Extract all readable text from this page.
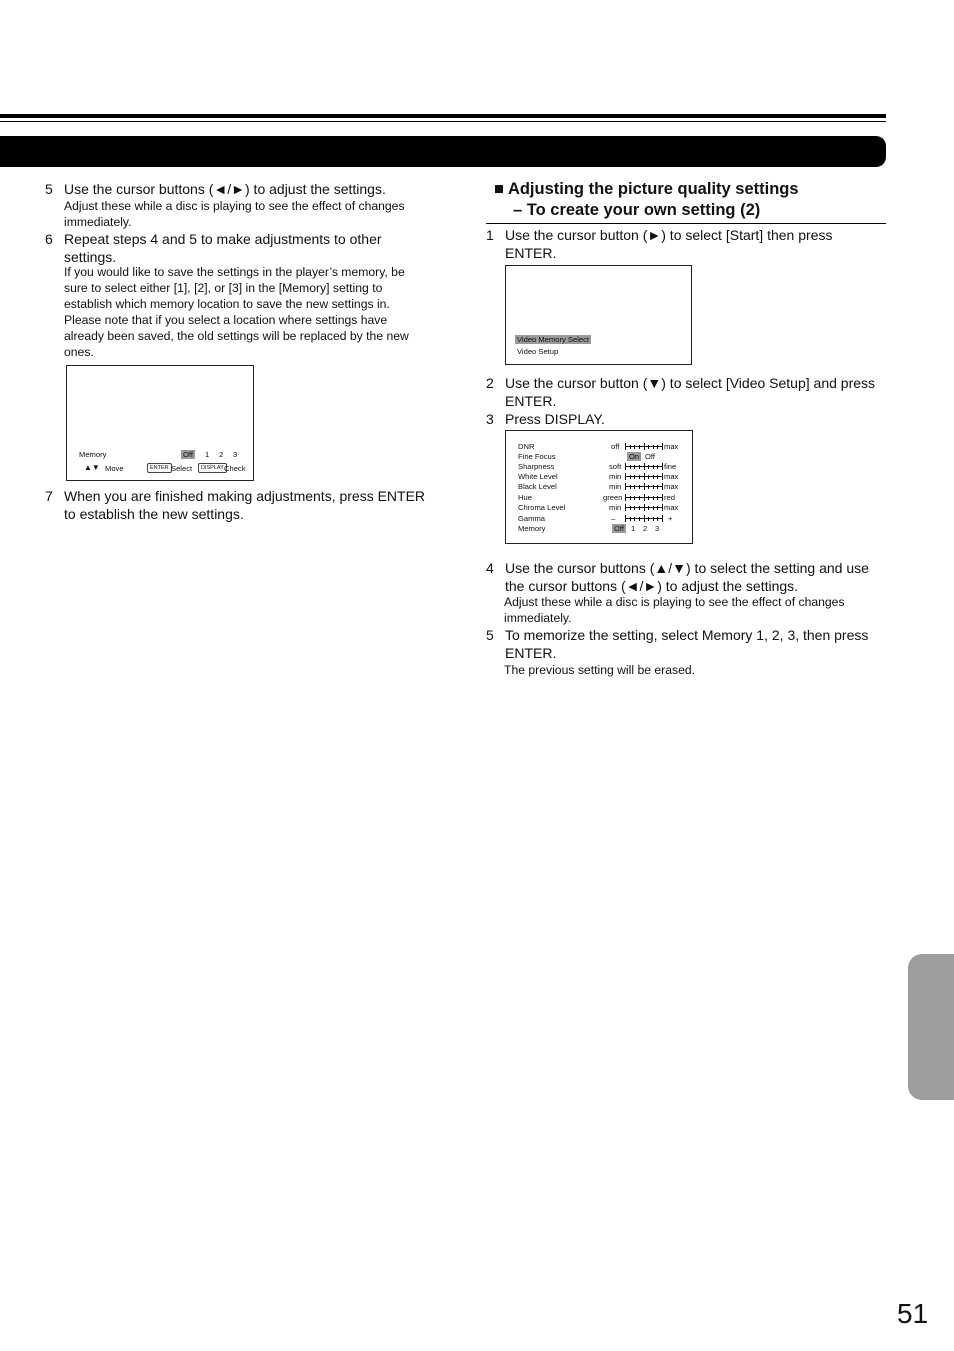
5 Use the cursor buttons (◄/►) to adjust the settings.
Adjust these while a disc is playing to see the effect of changes
immediately.
6 Repeat steps 4 and 5 to make adjustments to other
settings.
If you would like to save the settings in the player’s memory, be
sure to select either [1], [2], or [3] in the [Memory] setting to
establish which memory location to save the new settings in.
Please note that if you select a location where settings have
already been saved, the old settings will be replaced by the new
ones.
Memory	Off 1 2 3
▲▼ Move	ENTER Select	DISPLAY Check
7 When you are finished making adjustments, press ENTER
to establish the new settings.
■ Adjusting the picture quality settings
– To create your own setting (2)
1 Use the cursor button (►) to select [Start] then press
ENTER.
Video Memory Select
Video Setup
2 Use the cursor button (▼) to select [Video Setup] and press
ENTER.
3 Press DISPLAY.
DNR	off	max
Fine Focus	On Off
Sharpness	soft	fine
White Level	min	max
Black Level	min	max
Hue	green	red
Chroma Level	min	max
Gamma	–	+
Memory	Off 1 2 3
4 Use the cursor buttons (▲/▼) to select the setting and use
the cursor buttons (◄/►) to adjust the settings.
Adjust these while a disc is playing to see the effect of changes
immediately.
5 To memorize the setting, select Memory 1, 2, 3, then press
ENTER.
The previous setting will be erased.
51
